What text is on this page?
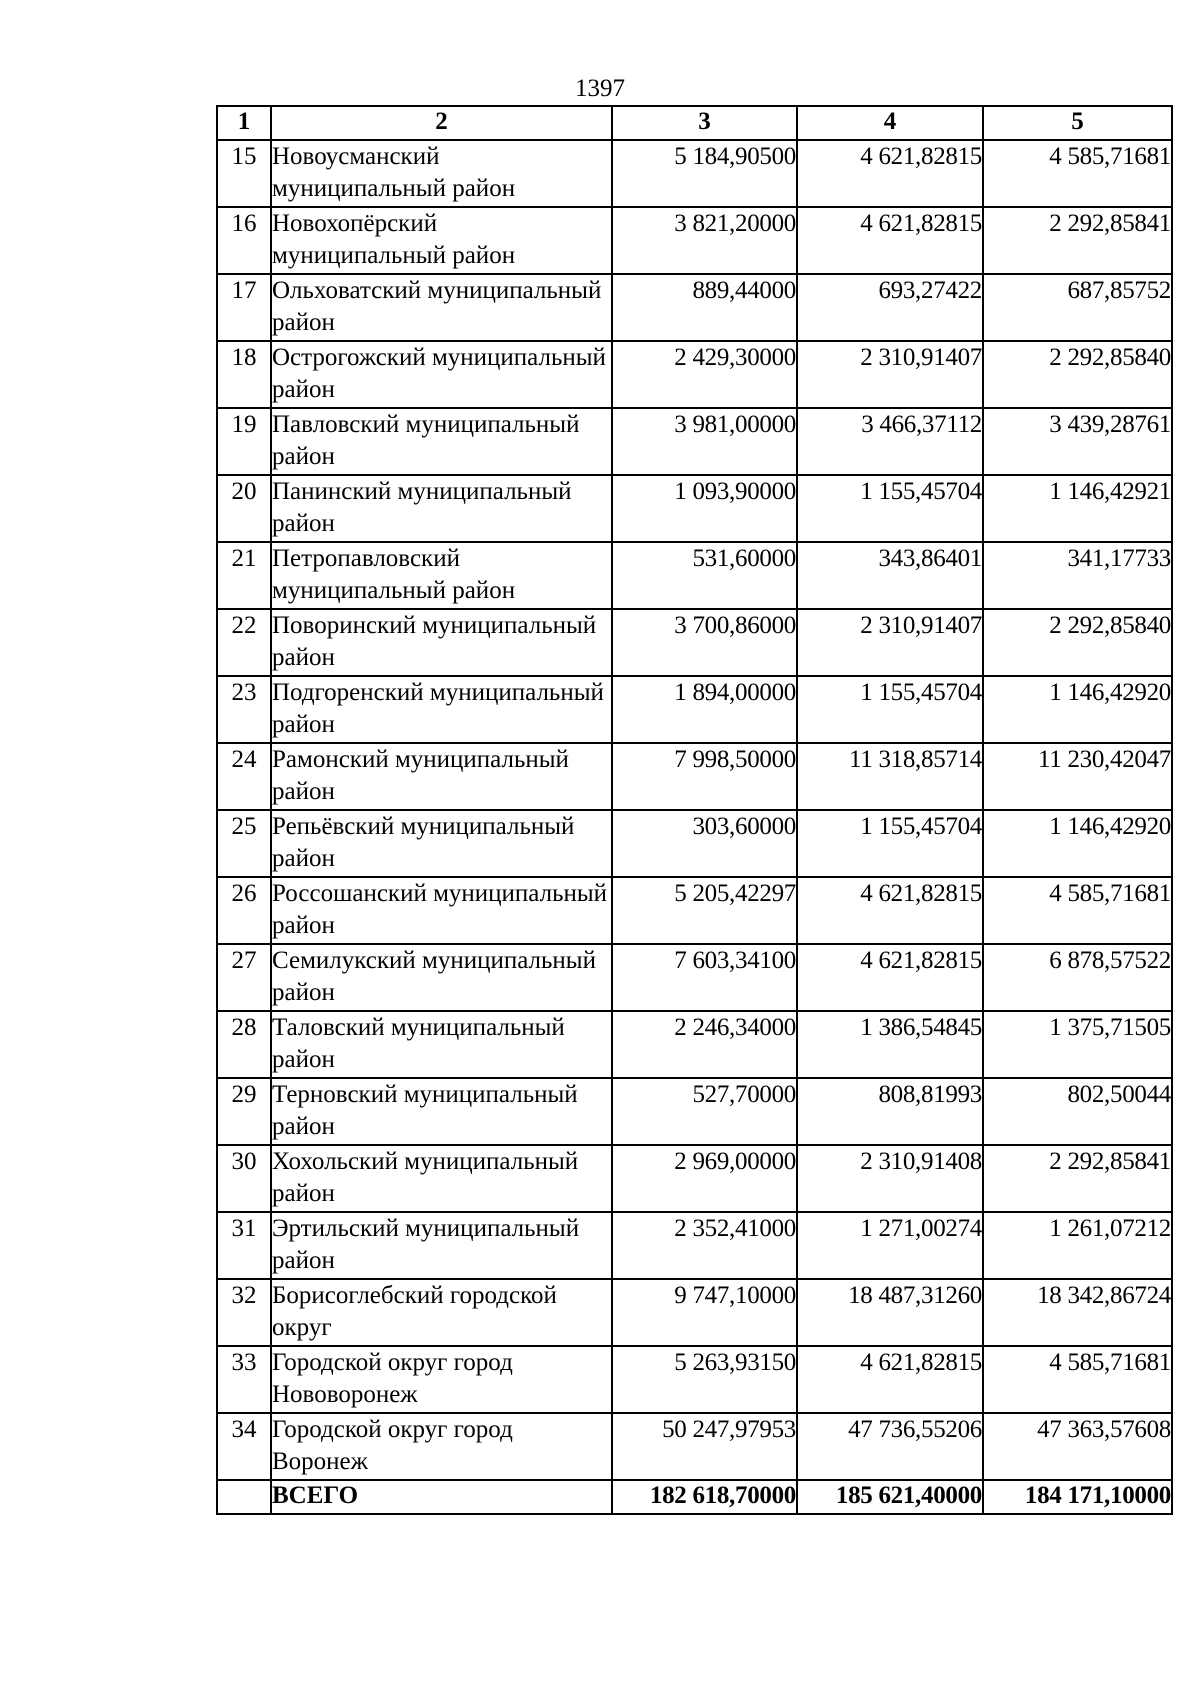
1397
1	2	3	4	5
15	Новоусманский муниципальный район	5 184,90500	4 621,82815	4 585,71681
16	Новохопёрский муниципальный район	3 821,20000	4 621,82815	2 292,85841
17	Ольховатский муниципальный район	889,44000	693,27422	687,85752
18	Острогожский муниципальный район	2 429,30000	2 310,91407	2 292,85840
19	Павловский муниципальный район	3 981,00000	3 466,37112	3 439,28761
20	Панинский муниципальный район	1 093,90000	1 155,45704	1 146,42921
21	Петропавловский муниципальный район	531,60000	343,86401	341,17733
22	Поворинский муниципальный район	3 700,86000	2 310,91407	2 292,85840
23	Подгоренский муниципальный район	1 894,00000	1 155,45704	1 146,42920
24	Рамонский муниципальный район	7 998,50000	11 318,85714	11 230,42047
25	Репьёвский муниципальный район	303,60000	1 155,45704	1 146,42920
26	Россошанский муниципальный район	5 205,42297	4 621,82815	4 585,71681
27	Семилукский муниципальный район	7 603,34100	4 621,82815	6 878,57522
28	Таловский муниципальный район	2 246,34000	1 386,54845	1 375,71505
29	Терновский муниципальный район	527,70000	808,81993	802,50044
30	Хохольский муниципальный район	2 969,00000	2 310,91408	2 292,85841
31	Эртильский муниципальный район	2 352,41000	1 271,00274	1 261,07212
32	Борисоглебский городской округ	9 747,10000	18 487,31260	18 342,86724
33	Городской округ город Нововоронеж	5 263,93150	4 621,82815	4 585,71681
34	Городской округ город Воронеж	50 247,97953	47 736,55206	47 363,57608
	ВСЕГО	182 618,70000	185 621,40000	184 171,10000
